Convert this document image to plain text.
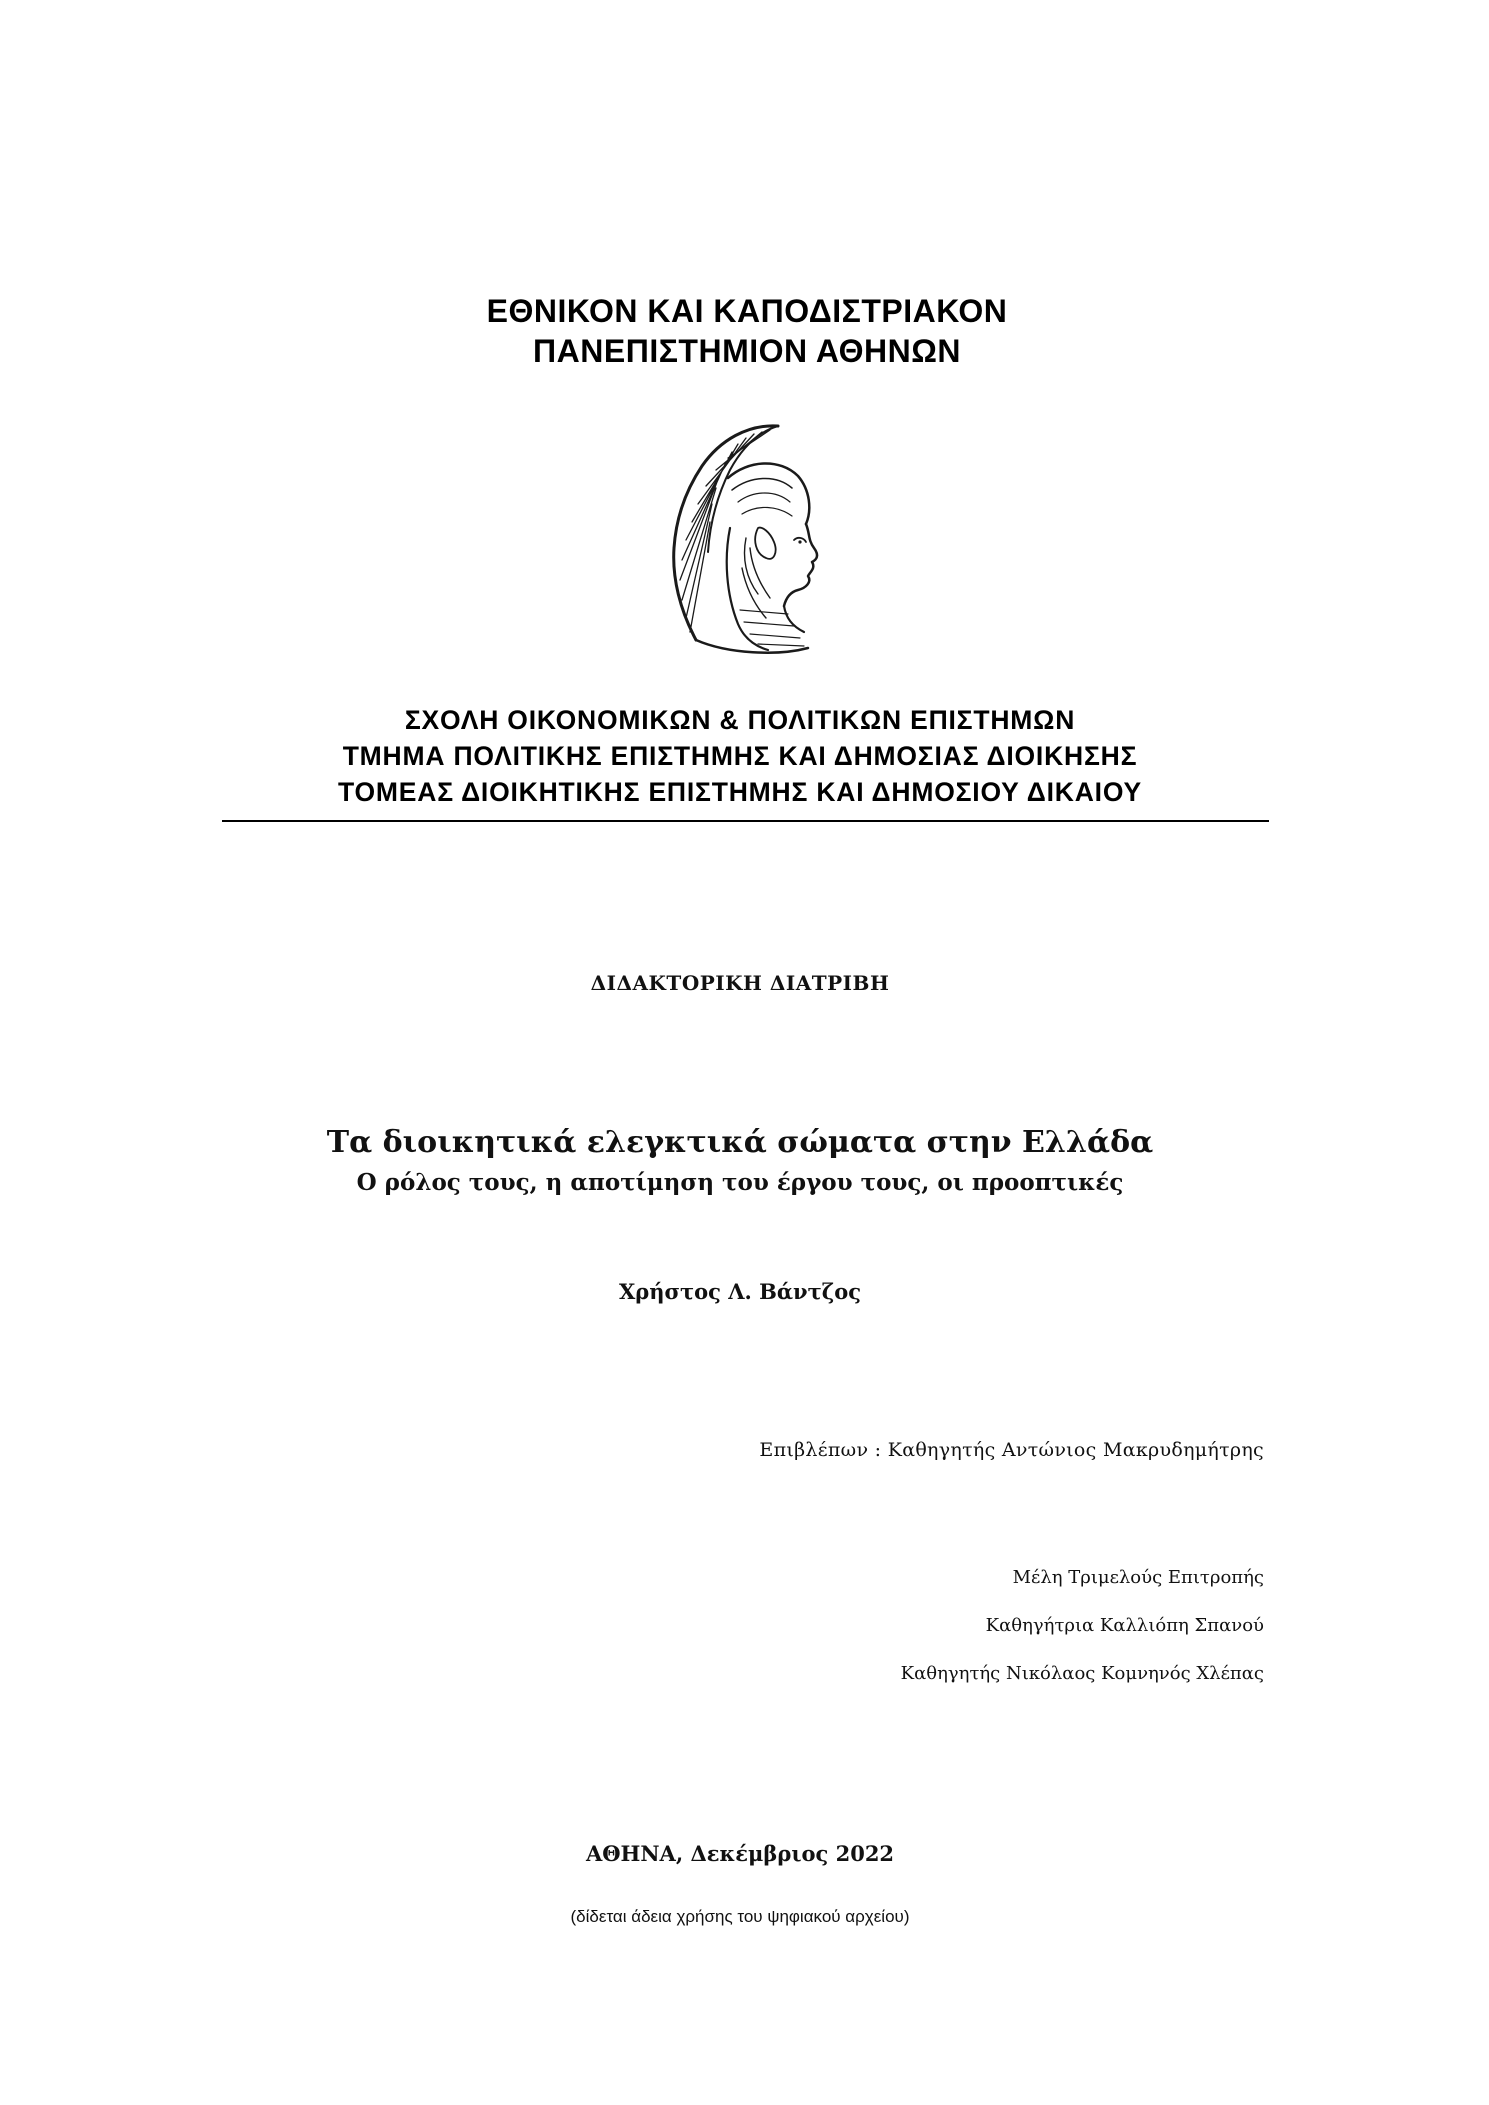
ΕΘΝΙΚΟΝ ΚΑΙ ΚΑΠΟΔΙΣΤΡΙΑΚΟΝ
ΠΑΝΕΠΙΣΤΗΜΙΟΝ ΑΘΗΝΩΝ
ΣΧΟΛΗ ΟΙΚΟΝΟΜΙΚΩΝ & ΠΟΛΙΤΙΚΩΝ ΕΠΙΣΤΗΜΩΝ
ΤΜΗΜΑ ΠΟΛΙΤΙΚΗΣ ΕΠΙΣΤΗΜΗΣ ΚΑΙ ΔΗΜΟΣΙΑΣ ΔΙΟΙΚΗΣΗΣ
ΤΟΜΕΑΣ ΔΙΟΙΚΗΤΙΚΗΣ ΕΠΙΣΤΗΜΗΣ ΚΑΙ ΔΗΜΟΣΙΟΥ ΔΙΚΑΙΟΥ
ΔΙΔΑΚΤΟΡΙΚΗ ΔΙΑΤΡΙΒΗ
Τα διοικητικά ελεγκτικά σώματα στην Ελλάδα
Ο ρόλος τους, η αποτίμηση του έργου τους, οι προοπτικές
Χρήστος Λ. Βάντζος
Επιβλέπων : Καθηγητής Αντώνιος Μακρυδημήτρης
Μέλη Τριμελούς Επιτροπής
Καθηγήτρια Καλλιόπη Σπανού
Καθηγητής Νικόλαος Κομνηνός Χλέπας
ΑΘΗΝΑ, Δεκέμβριος 2022
(δίδεται άδεια χρήσης του ψηφιακού αρχείου)
